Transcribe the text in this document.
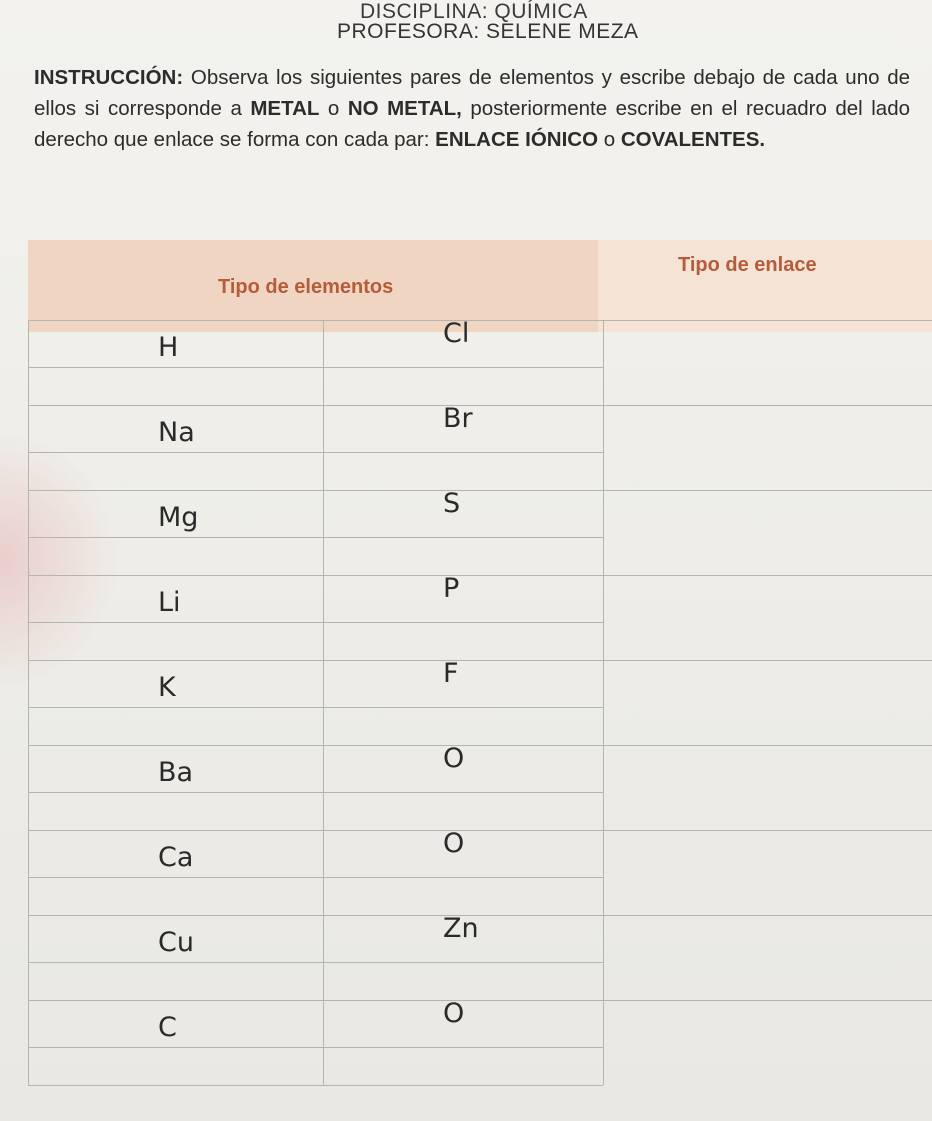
DISCIPLINA: QUÍMICA
PROFESORA: SELENE MEZA
INSTRUCCIÓN: Observa los siguientes pares de elementos y escribe debajo de cada uno de ellos si corresponde a METAL o NO METAL, posteriormente escribe en el recuadro del lado derecho que enlace se forma con cada par: ENLACE IÓNICO o COVALENTES.
Tipo de elementos
Tipo de enlace
H	Cl
Na	Br
Mg	S
Li	P
K	F
Ba	O
Ca	O
Cu	Zn
C	O
